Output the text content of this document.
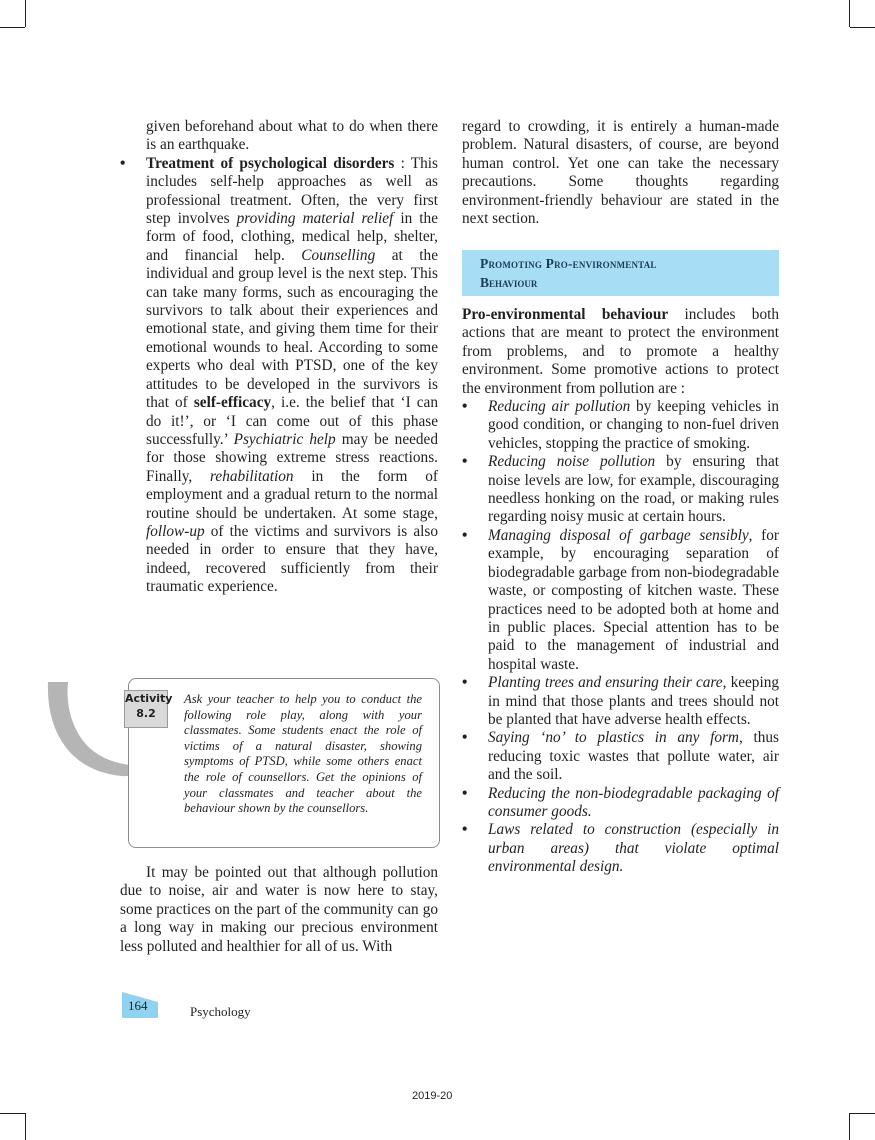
given beforehand about what to do when there is an earthquake.

• Treatment of psychological disorders : This includes self-help approaches as well as professional treatment. Often, the very first step involves providing material relief in the form of food, clothing, medical help, shelter, and financial help. Counselling at the individual and group level is the next step. This can take many forms, such as encouraging the survivors to talk about their experiences and emotional state, and giving them time for their emotional wounds to heal. According to some experts who deal with PTSD, one of the key attitudes to be developed in the survivors is that of self-efficacy, i.e. the belief that ‘I can do it!’, or ‘I can come out of this phase successfully.’ Psychiatric help may be needed for those showing extreme stress reactions. Finally, rehabilitation in the form of employment and a gradual return to the normal routine should be undertaken. At some stage, follow-up of the victims and survivors is also needed in order to ensure that they have, indeed, recovered sufficiently from their traumatic experience.
Activity
8.2
Ask your teacher to help you to conduct the following role play, along with your classmates. Some students enact the role of victims of a natural disaster, showing symptoms of PTSD, while some others enact the role of counsellors. Get the opinions of your classmates and teacher about the behaviour shown by the counsellors.

It may be pointed out that although pollution due to noise, air and water is now here to stay, some practices on the part of the community can go a long way in making our precious environment less polluted and healthier for all of us. With

regard to crowding, it is entirely a human-made problem. Natural disasters, of course, are beyond human control. Yet one can take the necessary precautions. Some thoughts regarding environment-friendly behaviour are stated in the next section.

Promoting Pro-environmental
Behaviour

Pro-environmental behaviour includes both actions that are meant to protect the environment from problems, and to promote a healthy environment. Some promotive actions to protect the environment from pollution are :

• Reducing air pollution by keeping vehicles in good condition, or changing to non-fuel driven vehicles, stopping the practice of smoking.
• Reducing noise pollution by ensuring that noise levels are low, for example, discouraging needless honking on the road, or making rules regarding noisy music at certain hours.
• Managing disposal of garbage sensibly, for example, by encouraging separation of biodegradable garbage from non-biodegradable waste, or composting of kitchen waste. These practices need to be adopted both at home and in public places. Special attention has to be paid to the management of industrial and hospital waste.
• Planting trees and ensuring their care, keeping in mind that those plants and trees should not be planted that have adverse health effects.
• Saying ‘no’ to plastics in any form, thus reducing toxic wastes that pollute water, air and the soil.
• Reducing the non-biodegradable packaging of consumer goods.
• Laws related to construction (especially in urban areas) that violate optimal environmental design.
164	Psychology
2019-20
